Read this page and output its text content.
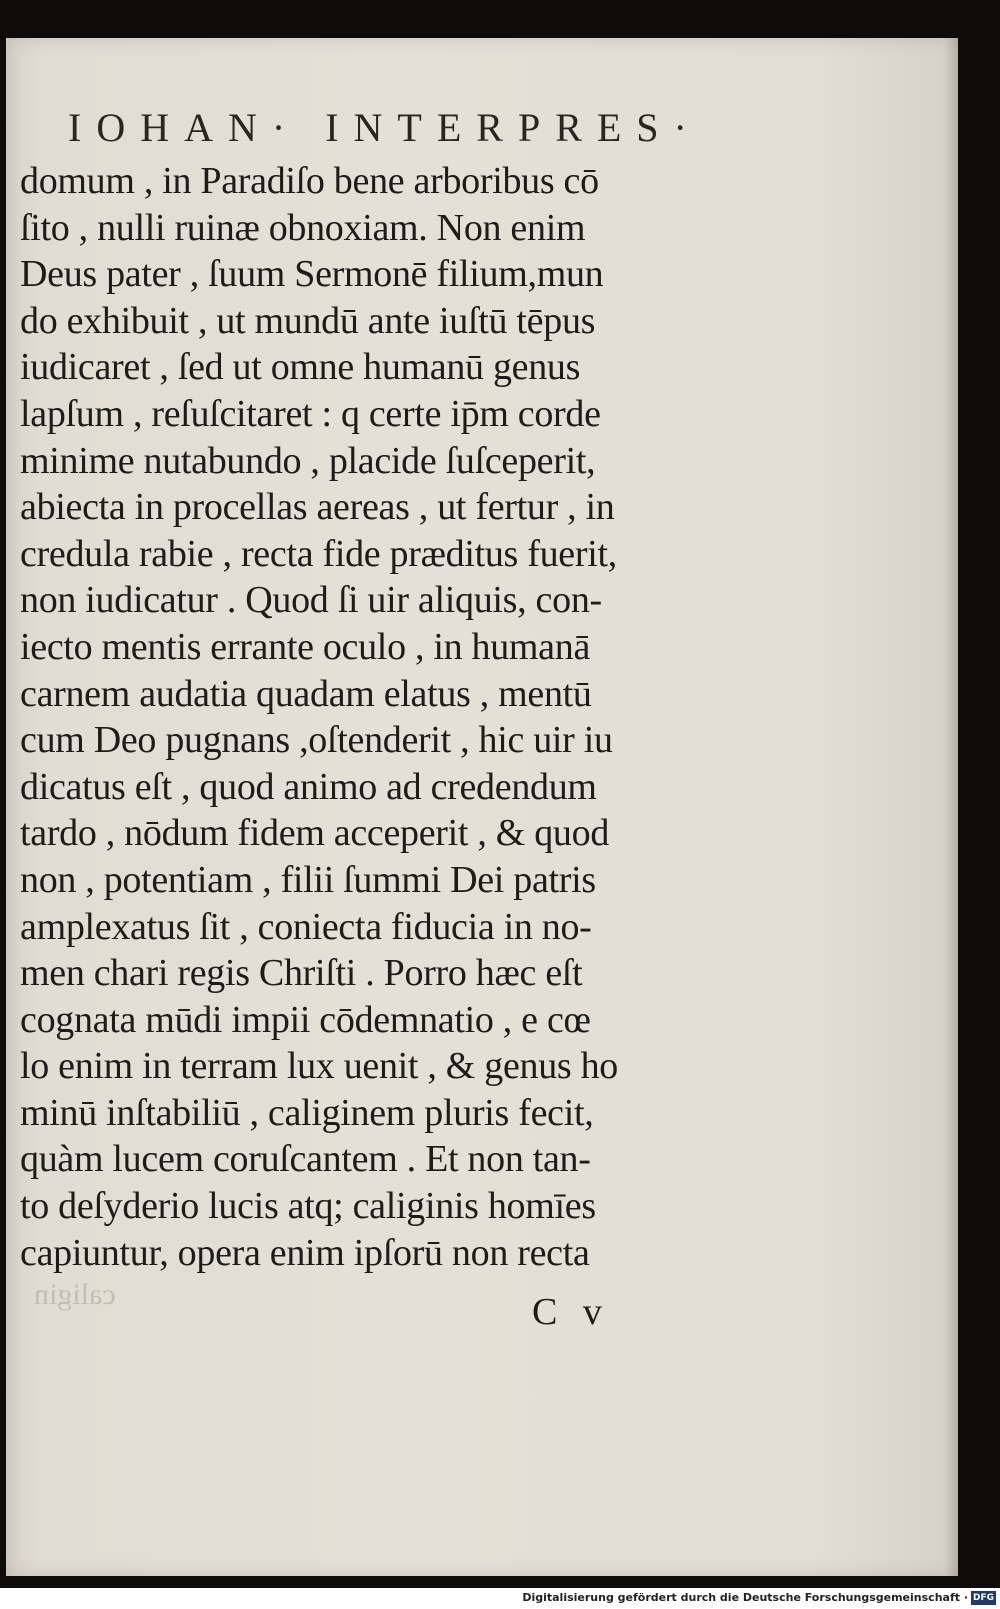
IOHAN· INTERPRES·
domum , in Paradiſo bene arboribus cō
ſito , nulli ruinæ obnoxiam. Non enim
Deus pater , ſuum Sermonē filium,mun
do exhibuit , ut mundū ante iuſtū tēpus
iudicaret , ſed ut omne humanū genus
lapſum , reſuſcitaret : q certe ip̄m corde
minime nutabundo , placide ſuſceperit,
abiecta in procellas aereas , ut fertur , in
credula rabie , recta fide præditus fuerit,
non iudicatur . Quod ſi uir aliquis, con-
iecto mentis errante oculo , in humanā
carnem audatia quadam elatus , mentū
cum Deo pugnans ,oſtenderit , hic uir iu
dicatus eſt , quod animo ad credendum
tardo , nōdum fidem acceperit , & quod
non , potentiam , filii ſummi Dei patris
amplexatus ſit , coniecta fiducia in no-
men chari regis Chriſti . Porro hæc eſt
cognata mūdi impii cōdemnatio , e cœ
lo enim in terram lux uenit , & genus ho
minū inſtabiliū , caliginem pluris fecit,
quàm lucem coruſcantem . Et non tan-
to deſyderio lucis atq; caliginis homīes
capiuntur, opera enim ipſorū non recta
caligin	C v
Digitalisierung gefördert durch die Deutsche Forschungsgemeinschaft · DFG
